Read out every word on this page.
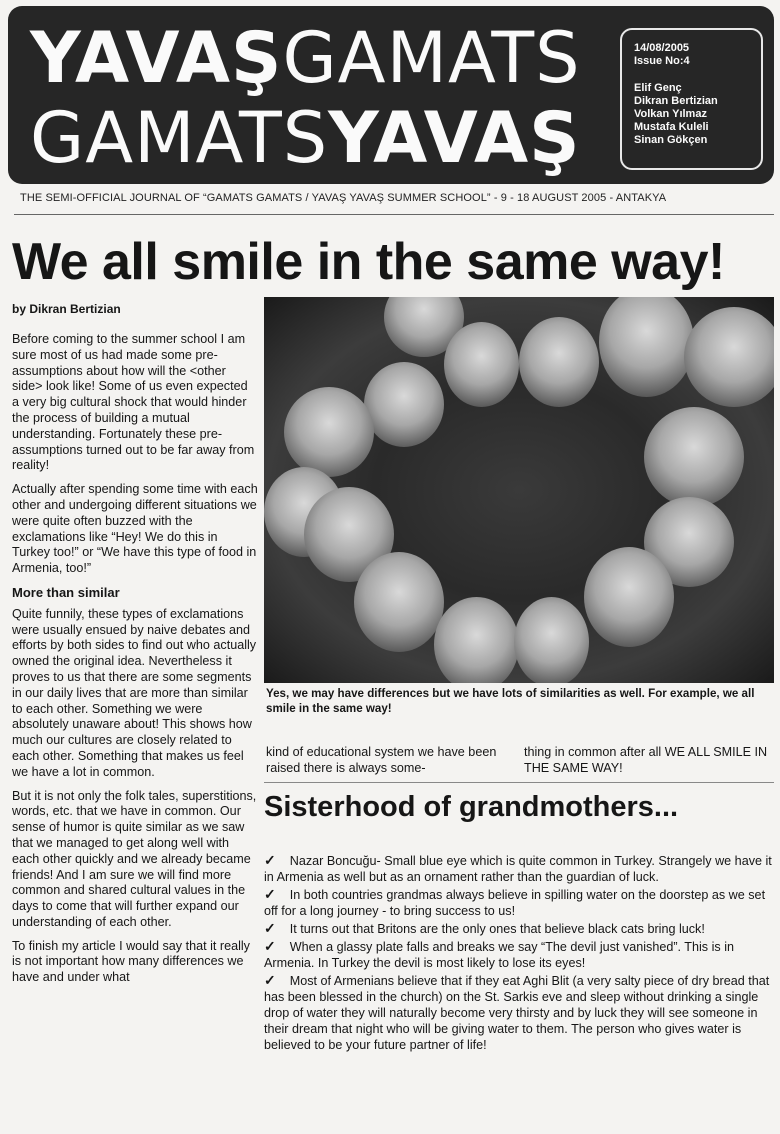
YAVAŞGAMATS
GAMATSYAVAŞ
14/08/2005
Issue No:4
Elif Genç
Dikran Bertizian
Volkan Yılmaz
Mustafa Kuleli
Sinan Gökçen
THE SEMI-OFFICIAL JOURNAL OF “GAMATS GAMATS / YAVAŞ YAVAŞ SUMMER SCHOOL” - 9 - 18 AUGUST 2005 - ANTAKYA
We all smile in the same way!
by Dikran Bertizian

Before coming to the summer school I am sure most of us had made some pre-assumptions about how will the <other side> look like! Some of us even expected a very big cultural shock that would hinder the process of building a mutual understanding. Fortunately these pre-assumptions turned out to be far away from reality!

Actually after spending some time with each other and undergoing different situations we were quite often buzzed with the exclamations like “Hey! We do this in Turkey too!” or “We have this type of food in Armenia, too!”

More than similar

Quite funnily, these types of exclamations were usually ensued by naive debates and efforts by both sides to find out who actually owned the original idea. Nevertheless it proves to us that there are some segments in our daily lives that are more than similar to each other. Something we were absolutely unaware about! This shows how much our cultures are closely related to each other. Something that makes us feel we have a lot in common.

But it is not only the folk tales, superstitions, words, etc. that we have in common. Our sense of humor is quite similar as we saw that we managed to get along well with each other quickly and we already became friends! And I am sure we will find more common and shared cultural values in the days to come that will further expand our understanding of each other.

To finish my article I would say that it really is not important how many differences we have and under what

Yes, we may have differences but we have lots of similarities as well. For example, we all smile in the same way!
kind of educational system we have been raised there is always some-
thing in common after all WE ALL SMILE IN THE SAME WAY!
Sisterhood of grandmothers...

✓ Nazar Boncuğu- Small blue eye which is quite common in Turkey. Strangely we have it in Armenia as well but as an ornament rather than the guardian of luck.

✓ In both countries grandmas always believe in spilling water on the doorstep as we set off for a long journey - to bring success to us!

✓ It turns out that Britons are the only ones that believe black cats bring luck!

✓ When a glassy plate falls and breaks we say “The devil just vanished”. This is in Armenia. In Turkey the devil is most likely to lose its eyes!

✓ Most of Armenians believe that if they eat Aghi Blit (a very salty piece of dry bread that has been blessed in the church) on the St. Sarkis eve and sleep without drinking a single drop of water they will naturally become very thirsty and by luck they will see someone in their dream that night who will be giving water to them. The person who gives water is believed to be your future partner of life!
